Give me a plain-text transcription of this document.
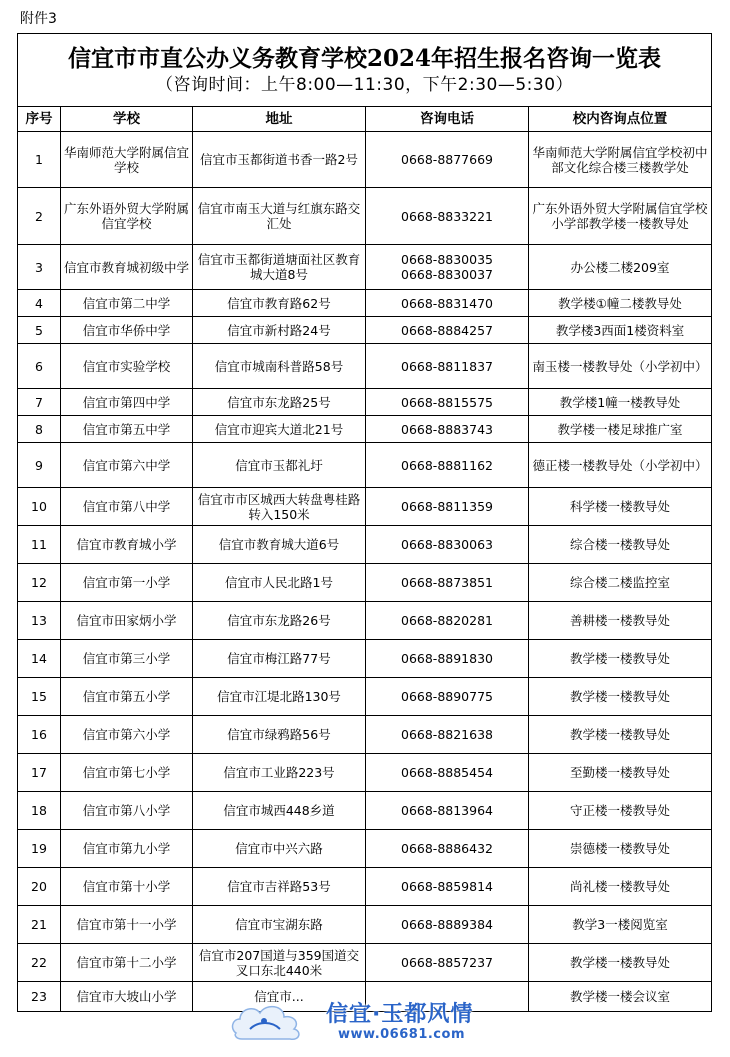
附件3
信宜市市直公办义务教育学校2024年招生报名咨询一览表
（咨询时间：上午8:00—11:30，下午2:30—5:30）				

序号	学校	地址	咨询电话	校内咨询点位置
1	华南师范大学附属信宜学校	信宜市玉都街道书香一路2号	0668-8877669	华南师范大学附属信宜学校初中部文化综合楼三楼教学处
2	广东外语外贸大学附属信宜学校	信宜市南玉大道与红旗东路交汇处	0668-8833221	广东外语外贸大学附属信宜学校小学部教学楼一楼教导处
3	信宜市教育城初级中学	信宜市玉都街道塘面社区教育城大道8号	0668-8830035
0668-8830037	办公楼二楼209室
4	信宜市第二中学	信宜市教育路62号	0668-8831470	教学楼①幢二楼教导处
5	信宜市华侨中学	信宜市新村路24号	0668-8884257	教学楼3西面1楼资料室
6	信宜市实验学校	信宜市城南科普路58号	0668-8811837	南玉楼一楼教导处（小学初中）
7	信宜市第四中学	信宜市东龙路25号	0668-8815575	教学楼1幢一楼教导处
8	信宜市第五中学	信宜市迎宾大道北21号	0668-8883743	教学楼一楼足球推广室
9	信宜市第六中学	信宜市玉都礼圩	0668-8881162	德正楼一楼教导处（小学初中）
10	信宜市第八中学	信宜市市区城西大转盘粤桂路转入150米	0668-8811359	科学楼一楼教导处
11	信宜市教育城小学	信宜市教育城大道6号	0668-8830063	综合楼一楼教导处
12	信宜市第一小学	信宜市人民北路1号	0668-8873851	综合楼二楼监控室
13	信宜市田家炳小学	信宜市东龙路26号	0668-8820281	善耕楼一楼教导处
14	信宜市第三小学	信宜市梅江路77号	0668-8891830	教学楼一楼教导处
15	信宜市第五小学	信宜市江堤北路130号	0668-8890775	教学楼一楼教导处
16	信宜市第六小学	信宜市绿鸦路56号	0668-8821638	教学楼一楼教导处
17	信宜市第七小学	信宜市工业路223号	0668-8885454	至勤楼一楼教导处
18	信宜市第八小学	信宜市城西448乡道	0668-8813964	守正楼一楼教导处
19	信宜市第九小学	信宜市中兴六路	0668-8886432	崇德楼一楼教导处
20	信宜市第十小学	信宜市吉祥路53号	0668-8859814	尚礼楼一楼教导处
21	信宜市第十一小学	信宜市宝湖东路	0668-8889384	教学3一楼阅览室
22	信宜市第十二小学	信宜市207国道与359国道交叉口东北440米	0668-8857237	教学楼一楼教导处
23	信宜市大坡山小学	信宜市...		教学楼一楼会议室
信宜·玉都风情
www.06681.com
